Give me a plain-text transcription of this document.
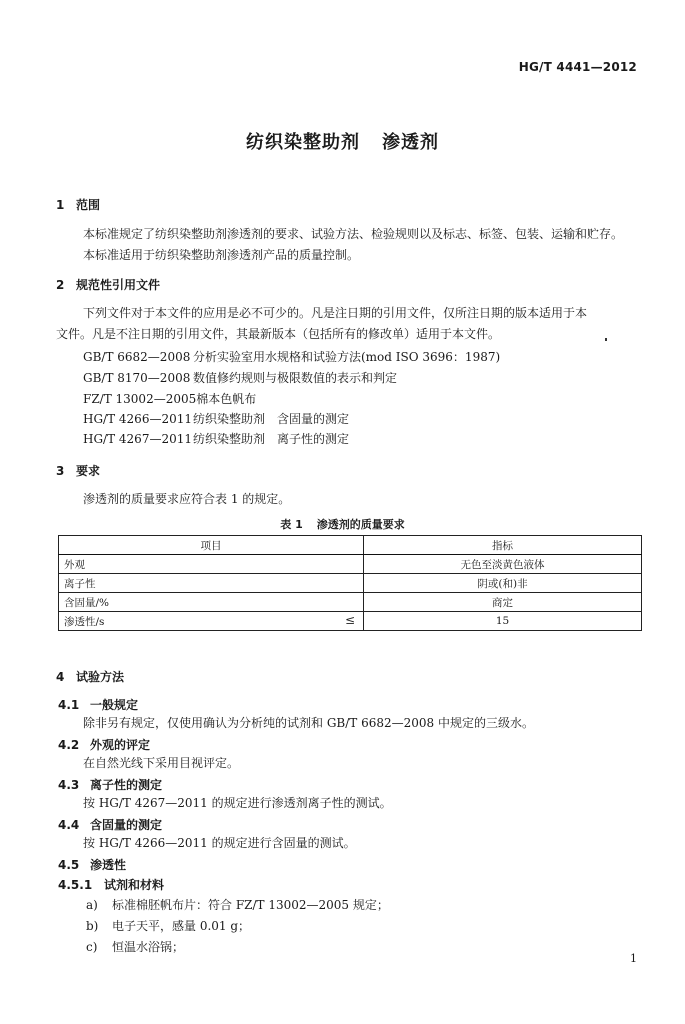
HG/T 4441—2012
纺织染整助剂 渗透剂
1 范围
本标准规定了纺织染整助剂渗透剂的要求、试验方法、检验规则以及标志、标签、包装、运输和贮存。
本标准适用于纺织染整助剂渗透剂产品的质量控制。
2 规范性引用文件
下列文件对于本文件的应用是必不可少的。凡是注日期的引用文件，仅所注日期的版本适用于本
文件。凡是不注日期的引用文件，其最新版本（包括所有的修改单）适用于本文件。
GB/T 6682—2008 分析实验室用水规格和试验方法(mod ISO 3696：1987)
GB/T 8170—2008 数值修约规则与极限数值的表示和判定
FZ/T 13002—2005棉本色帆布
HG/T 4266—2011纺织染整助剂　含固量的测定
HG/T 4267—2011纺织染整助剂　离子性的测定
3 要求
渗透剂的质量要求应符合表 1 的规定。
表 1 渗透剂的质量要求
项目	指标
外观	无色至淡黄色液体
离子性	阴或(和)非
含固量/%	商定
渗透性/s ≤	15
4 试验方法
4.1 一般规定
除非另有规定，仅使用确认为分析纯的试剂和 GB/T 6682—2008 中规定的三级水。
4.2 外观的评定
在自然光线下采用目视评定。
4.3 离子性的测定
按 HG/T 4267—2011 的规定进行渗透剂离子性的测试。
4.4 含固量的测定
按 HG/T 4266—2011 的规定进行含固量的测试。
4.5 渗透性
4.5.1 试剂和材料
a) 标准棉胚帆布片：符合 FZ/T 13002—2005 规定；
b) 电子天平，感量 0.01 g；
c) 恒温水浴锅；
1
